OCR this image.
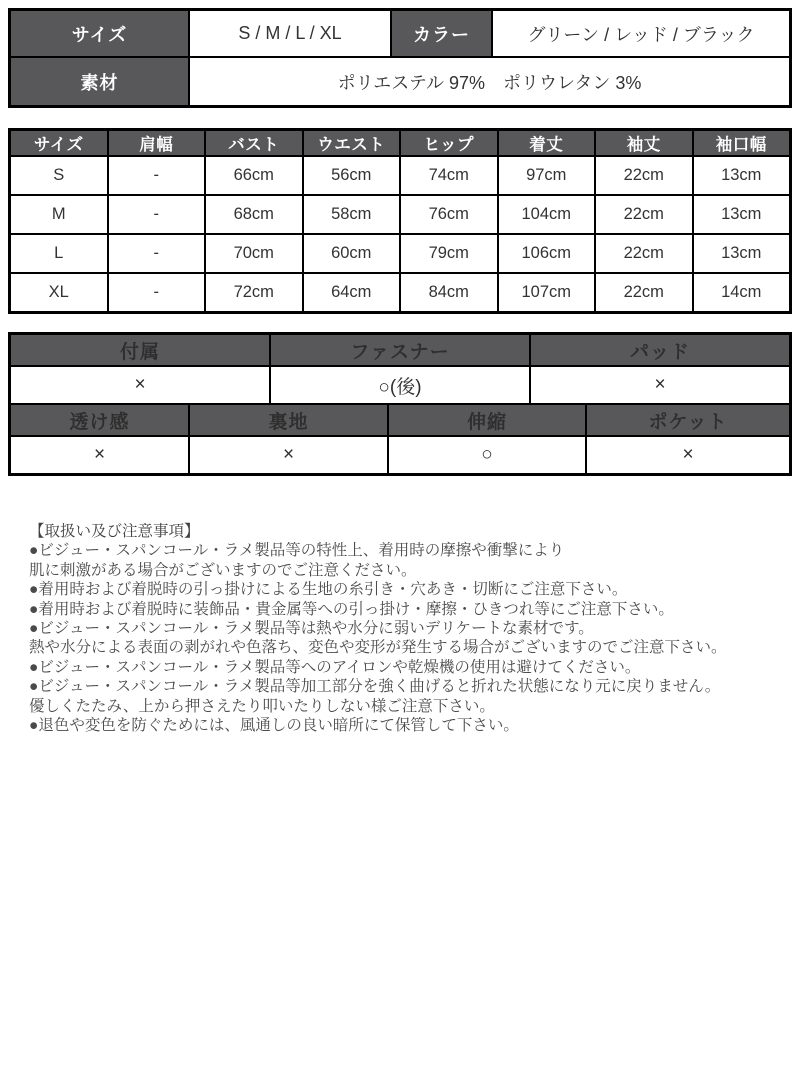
サイズ	S / M / L / XL	カラー	グリーン / レッド / ブラック
素材	ポリエステル 97%　ポリウレタン 3%
サイズ	肩幅	バスト	ウエスト	ヒップ	着丈	袖丈	袖口幅
S	-	66cm	56cm	74cm	97cm	22cm	13cm
M	-	68cm	58cm	76cm	104cm	22cm	13cm
L	-	70cm	60cm	79cm	106cm	22cm	13cm
XL	-	72cm	64cm	84cm	107cm	22cm	14cm
付属	ファスナー	パッド
×	○(後)	×
透け感	裏地	伸縮	ポケット
×	×	○	×
【取扱い及び注意事項】
●ビジュー・スパンコール・ラメ製品等の特性上、着用時の摩擦や衝撃により
肌に刺激がある場合がございますのでご注意ください。
●着用時および着脱時の引っ掛けによる生地の糸引き・穴あき・切断にご注意下さい。
●着用時および着脱時に装飾品・貴金属等への引っ掛け・摩擦・ひきつれ等にご注意下さい。
●ビジュー・スパンコール・ラメ製品等は熱や水分に弱いデリケートな素材です。
熱や水分による表面の剥がれや色落ち、変色や変形が発生する場合がございますのでご注意下さい。
●ビジュー・スパンコール・ラメ製品等へのアイロンや乾燥機の使用は避けてください。
●ビジュー・スパンコール・ラメ製品等加工部分を強く曲げると折れた状態になり元に戻りません。
優しくたたみ、上から押さえたり叩いたりしない様ご注意下さい。
●退色や変色を防ぐためには、風通しの良い暗所にて保管して下さい。
